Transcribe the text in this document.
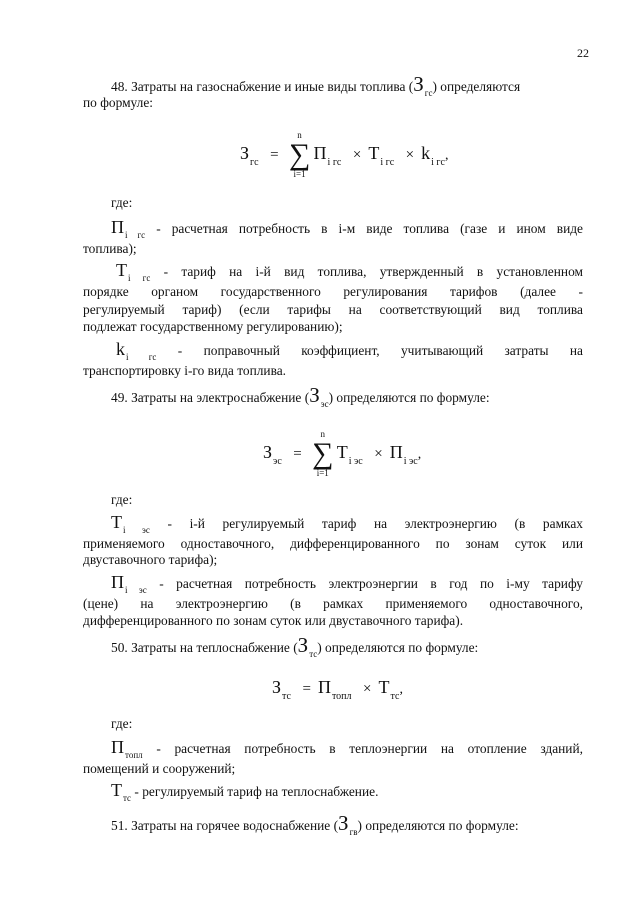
22
48. Затраты на газоснабжение и иные виды топлива $(З_{гс})$ определяются
по формуле:
$З_{гс}$ =
n
∑
i=1
$П_{i гс} \times Т_{i гс} \times k_{i гс}$,
где:
$П_{i гс}$ - расчетная потребность в i-м виде топлива (газе и ином виде
топлива);
$Т_{i гс}$ - тариф на i-й вид топлива, утвержденный в установленном
порядке органом государственного регулирования тарифов (далее -
регулируемый тариф) (если тарифы на соответствующий вид топлива
подлежат государственному регулированию);
$k_{i гс}$ - поправочный коэффициент, учитывающий затраты на
транспортировку i-го вида топлива.
49. Затраты на электроснабжение $(З_{эс})$ определяются по формуле:
$З_{эс}$ =
n
∑
i=1
$Т_{i эс} \times П_{i эс}$,
где:
$Т_{i эс} - i-й$ регулируемый тариф на электроэнергию (в рамках
применяемого одноставочного, дифференцированного по зонам суток или
двуставочного тарифа);
$П_{i эс}$ - расчетная потребность электроэнергии в год по i-му тарифу
(цене) на электроэнергию (в рамках применяемого одноставочного,
дифференцированного по зонам суток или двуставочного тарифа).
50. Затраты на теплоснабжение $(З_{тс})$ определяются по формуле:
$З_{тс} = П_{топл} \times Т_{тс}$,
где:
$П_{топл}$ - расчетная потребность в теплоэнергии на отопление зданий,
помещений и сооружений;
$Т_{тс}$ - регулируемый тариф на теплоснабжение.
51. Затраты на горячее водоснабжение $(З_{гв})$ определяются по формуле:
